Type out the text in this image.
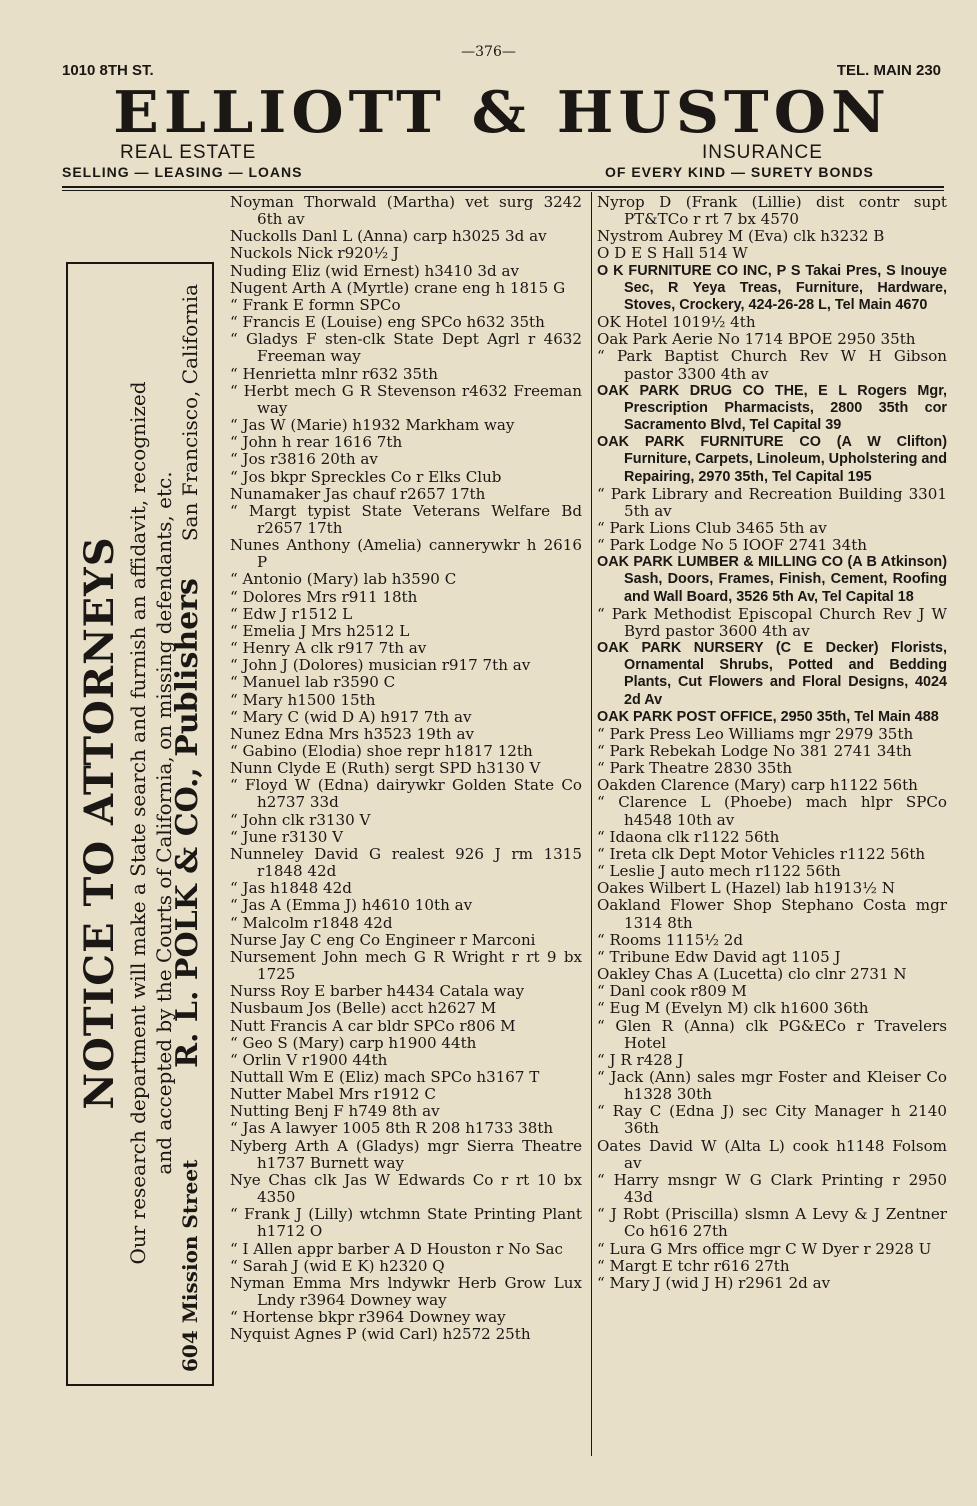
—376—
1010 8TH ST.	TEL. MAIN 230
ELLIOTT & HUSTON
REAL ESTATE	INSURANCE
SELLING — LEASING — LOANS	OF EVERY KIND — SURETY BONDS
NOTICE TO ATTORNEYS Our research department will make a State search and furnish an affidavit, recognized and accepted by the Courts of California, on missing defendants, etc.
604 Mission Street
R. L. POLK & CO., Publishers
San Francisco, California
Noyman Thorwald (Martha) vet surg 3242 6th av
Nuckolls Danl L (Anna) carp h3025 3d av
Nuckols Nick r920½ J
Nuding Eliz (wid Ernest) h3410 3d av
Nugent Arth A (Myrtle) crane eng h 1815 G
“ Frank E formn SPCo
“ Francis E (Louise) eng SPCo h632 35th
“ Gladys F sten-clk State Dept Agrl r 4632 Freeman way
“ Henrietta mlnr r632 35th
“ Herbt mech G R Stevenson r4632 Freeman way
“ Jas W (Marie) h1932 Markham way
“ John h rear 1616 7th
“ Jos r3816 20th av
“ Jos bkpr Spreckles Co r Elks Club
Nunamaker Jas chauf r2657 17th
“ Margt typist State Veterans Welfare Bd r2657 17th
Nunes Anthony (Amelia) cannerywkr h 2616 P
“ Antonio (Mary) lab h3590 C
“ Dolores Mrs r911 18th
“ Edw J r1512 L
“ Emelia J Mrs h2512 L
“ Henry A clk r917 7th av
“ John J (Dolores) musician r917 7th av
“ Manuel lab r3590 C
“ Mary h1500 15th
“ Mary C (wid D A) h917 7th av
Nunez Edna Mrs h3523 19th av
“ Gabino (Elodia) shoe repr h1817 12th
Nunn Clyde E (Ruth) sergt SPD h3130 V
“ Floyd W (Edna) dairywkr Golden State Co h2737 33d
“ John clk r3130 V
“ June r3130 V
Nunneley David G realest 926 J rm 1315 r1848 42d
“ Jas h1848 42d
“ Jas A (Emma J) h4610 10th av
“ Malcolm r1848 42d
Nurse Jay C eng Co Engineer r Marconi
Nursement John mech G R Wright r rt 9 bx 1725
Nurss Roy E barber h4434 Catala way
Nusbaum Jos (Belle) acct h2627 M
Nutt Francis A car bldr SPCo r806 M
“ Geo S (Mary) carp h1900 44th
“ Orlin V r1900 44th
Nuttall Wm E (Eliz) mach SPCo h3167 T
Nutter Mabel Mrs r1912 C
Nutting Benj F h749 8th av
“ Jas A lawyer 1005 8th R 208 h1733 38th
Nyberg Arth A (Gladys) mgr Sierra Theatre h1737 Burnett way
Nye Chas clk Jas W Edwards Co r rt 10 bx 4350
“ Frank J (Lilly) wtchmn State Printing Plant h1712 O
“ I Allen appr barber A D Houston r No Sac
“ Sarah J (wid E K) h2320 Q
Nyman Emma Mrs lndywkr Herb Grow Lux Lndy r3964 Downey way
“ Hortense bkpr r3964 Downey way
Nyquist Agnes P (wid Carl) h2572 25th
Nyrop D (Frank (Lillie) dist contr supt PT&TCo r rt 7 bx 4570
Nystrom Aubrey M (Eva) clk h3232 B
O D E S Hall 514 W
O K FURNITURE CO INC, P S Takai Pres, S Inouye Sec, R Yeya Treas, Furniture, Hardware, Stoves, Crockery, 424-26-28 L, Tel Main 4670
OK Hotel 1019½ 4th
Oak Park Aerie No 1714 BPOE 2950 35th
“ Park Baptist Church Rev W H Gibson pastor 3300 4th av
OAK PARK DRUG CO THE, E L Rogers Mgr, Prescription Pharmacists, 2800 35th cor Sacramento Blvd, Tel Capital 39
OAK PARK FURNITURE CO (A W Clifton) Furniture, Carpets, Linoleum, Upholstering and Repairing, 2970 35th, Tel Capital 195
“ Park Library and Recreation Building 3301 5th av
“ Park Lions Club 3465 5th av
“ Park Lodge No 5 IOOF 2741 34th
OAK PARK LUMBER & MILLING CO (A B Atkinson) Sash, Doors, Frames, Finish, Cement, Roofing and Wall Board, 3526 5th Av, Tel Capital 18
“ Park Methodist Episcopal Church Rev J W Byrd pastor 3600 4th av
OAK PARK NURSERY (C E Decker) Florists, Ornamental Shrubs, Potted and Bedding Plants, Cut Flowers and Floral Designs, 4024 2d Av
OAK PARK POST OFFICE, 2950 35th, Tel Main 488
“ Park Press Leo Williams mgr 2979 35th
“ Park Rebekah Lodge No 381 2741 34th
“ Park Theatre 2830 35th
Oakden Clarence (Mary) carp h1122 56th
“ Clarence L (Phoebe) mach hlpr SPCo h4548 10th av
“ Idaona clk r1122 56th
“ Ireta clk Dept Motor Vehicles r1122 56th
“ Leslie J auto mech r1122 56th
Oakes Wilbert L (Hazel) lab h1913½ N
Oakland Flower Shop Stephano Costa mgr 1314 8th
“ Rooms 1115½ 2d
“ Tribune Edw David agt 1105 J
Oakley Chas A (Lucetta) clo clnr 2731 N
“ Danl cook r809 M
“ Eug M (Evelyn M) clk h1600 36th
“ Glen R (Anna) clk PG&ECo r Travelers Hotel
“ J R r428 J
“ Jack (Ann) sales mgr Foster and Kleiser Co h1328 30th
“ Ray C (Edna J) sec City Manager h 2140 36th
Oates David W (Alta L) cook h1148 Folsom av
“ Harry msngr W G Clark Printing r 2950 43d
“ J Robt (Priscilla) slsmn A Levy & J Zentner Co h616 27th
“ Lura G Mrs office mgr C W Dyer r 2928 U
“ Margt E tchr r616 27th
“ Mary J (wid J H) r2961 2d av
